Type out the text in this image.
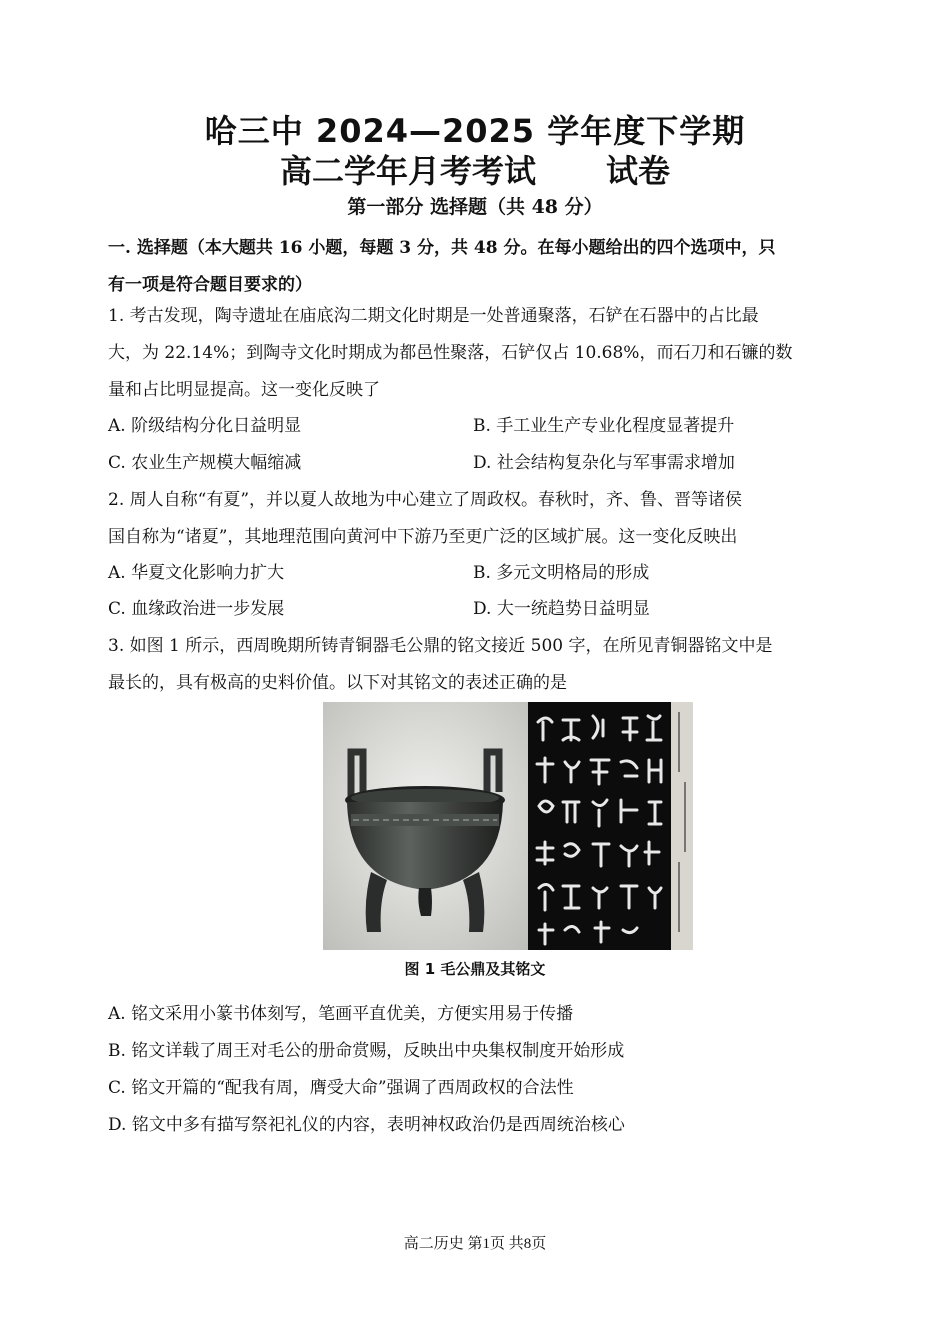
哈三中 2024—2025 学年度下学期
高二学年月考考试 试卷
第一部分 选择题（共 48 分）
一. 选择题（本大题共 16 小题，每题 3 分，共 48 分。在每小题给出的四个选项中，只
有一项是符合题目要求的）
1. 考古发现，陶寺遗址在庙底沟二期文化时期是一处普通聚落，石铲在石器中的占比最
大，为 22.14%；到陶寺文化时期成为都邑性聚落，石铲仅占 10.68%，而石刀和石镰的数
量和占比明显提高。这一变化反映了
A. 阶级结构分化日益明显	B. 手工业生产专业化程度显著提升
C. 农业生产规模大幅缩减	D. 社会结构复杂化与军事需求增加
2. 周人自称“有夏”，并以夏人故地为中心建立了周政权。春秋时，齐、鲁、晋等诸侯
国自称为“诸夏”，其地理范围向黄河中下游乃至更广泛的区域扩展。这一变化反映出
A. 华夏文化影响力扩大	B. 多元文明格局的形成
C. 血缘政治进一步发展	D. 大一统趋势日益明显
3. 如图 1 所示，西周晚期所铸青铜器毛公鼎的铭文接近 500 字，在所见青铜器铭文中是
最长的，具有极高的史料价值。以下对其铭文的表述正确的是
图 1 毛公鼎及其铭文
A. 铭文采用小篆书体刻写，笔画平直优美，方便实用易于传播
B. 铭文详载了周王对毛公的册命赏赐，反映出中央集权制度开始形成
C. 铭文开篇的“配我有周，膺受大命”强调了西周政权的合法性
D. 铭文中多有描写祭祀礼仪的内容，表明神权政治仍是西周统治核心
高二历史 第1页 共8页
